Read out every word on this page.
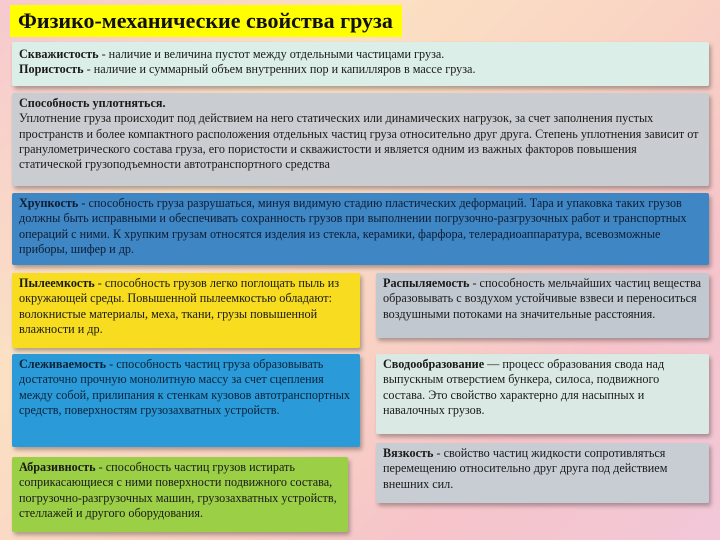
Физико-механические свойства груза
Скважистость - наличие и величина пустот между отдельными частицами груза.
Пористость - наличие и суммарный объем внутренних пор и капилляров в массе груза.
Способность уплотняться.
Уплотнение груза происходит под действием на него статических или динамических нагрузок, за счет заполнения пустых пространств и более компактного расположения отдельных частиц груза относительно друг друга. Степень уплотнения зависит от гранулометрического состава груза, его пористости и скважистости и является одним из важных факторов повышения статической грузоподъемности автотранспортного средства
Хрупкость - способность груза разрушаться, минуя видимую стадию пластических деформаций. Тара и упаковка таких грузов должны быть исправными и обеспечивать сохранность грузов при выполнении погрузочно-разгрузочных работ и транспортных операций с ними. К хрупким грузам относятся изделия из стекла, керамики, фарфора, телерадиоаппаратура, всевозможные приборы, шифер и др.
Пылеемкость - способность грузов легко поглощать пыль из окружающей среды. Повышенной пылеемкостью обладают: волокнистые материалы, меха, ткани, грузы повышенной влажности и др.
Распыляемость - способность мельчайших частиц вещества образовывать с воздухом устойчивые взвеси и переноситься воздушными потоками на значительные расстояния.
Слеживаемость - способность частиц груза образовывать достаточно прочную монолитную массу за счет сцепления между собой, прилипания к стенкам кузовов автотранспортных средств, поверхностям грузозахватных устройств.
Сводообразование — процесс образования свода над выпускным отверстием бункера, силоса, подвижного состава. Это свойство характерно для насыпных и навалочных грузов.
Абразивность - способность частиц грузов истирать соприкасающиеся с ними поверхности подвижного состава, погрузочно-разгрузочных машин, грузозахватных устройств, стеллажей и другого оборудования.
Вязкость - свойство частиц жидкости сопротивляться перемещению относительно друг друга под действием внешних сил.
